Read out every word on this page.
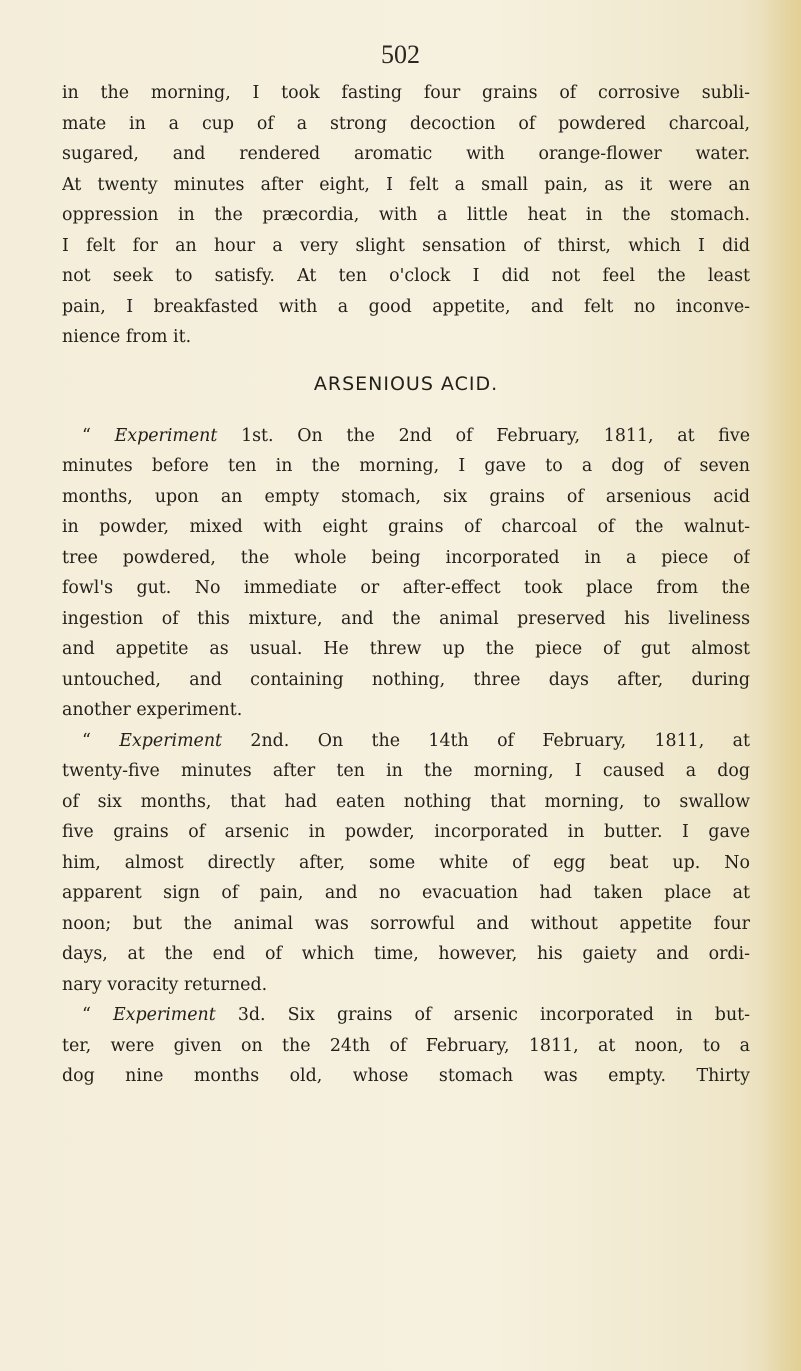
502
in the morning, I took fasting four grains of corrosive subli-
mate in a cup of a strong decoction of powdered charcoal,
sugared, and rendered aromatic with orange-flower water.
At twenty minutes after eight, I felt a small pain, as it were an
oppression in the præcordia, with a little heat in the stomach.
I felt for an hour a very slight sensation of thirst, which I did
not seek to satisfy. At ten o'clock I did not feel the least
pain, I breakfasted with a good appetite, and felt no inconve-
nience from it.
ARSENIOUS ACID.
“ Experiment 1st. On the 2nd of February, 1811, at five
minutes before ten in the morning, I gave to a dog of seven
months, upon an empty stomach, six grains of arsenious acid
in powder, mixed with eight grains of charcoal of the walnut-
tree powdered, the whole being incorporated in a piece of
fowl's gut. No immediate or after-effect took place from the
ingestion of this mixture, and the animal preserved his liveliness
and appetite as usual. He threw up the piece of gut almost
untouched, and containing nothing, three days after, during
another experiment.
“ Experiment 2nd. On the 14th of February, 1811, at
twenty-five minutes after ten in the morning, I caused a dog
of six months, that had eaten nothing that morning, to swallow
five grains of arsenic in powder, incorporated in butter. I gave
him, almost directly after, some white of egg beat up. No
apparent sign of pain, and no evacuation had taken place at
noon; but the animal was sorrowful and without appetite four
days, at the end of which time, however, his gaiety and ordi-
nary voracity returned.
“ Experiment 3d. Six grains of arsenic incorporated in but-
ter, were given on the 24th of February, 1811, at noon, to a
dog nine months old, whose stomach was empty. Thirty
